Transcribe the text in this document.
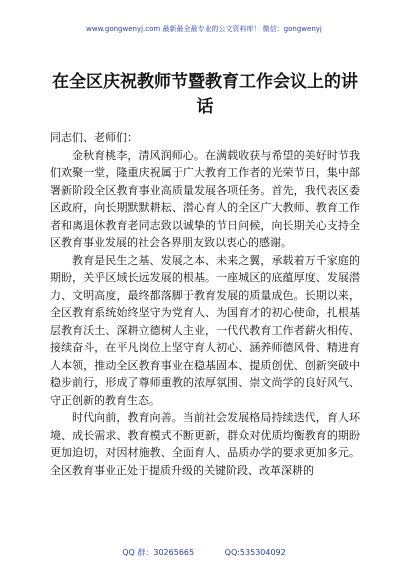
www.gongwenyj.com 最新最全最专业的公文资料库！ 微信：gongwenyj
在全区庆祝教师节暨教育工作会议上的讲话

同志们、老师们：

金秋育桃李，清风润师心。在满载收获与希望的美好时节我们欢聚一堂，隆重庆祝属于广大教育工作者的光荣节日，集中部署新阶段全区教育事业高质量发展各项任务。首先，我代表区委区政府，向长期默默耕耘、潜心育人的全区广大教师、教育工作者和离退休教育老同志致以诚挚的节日问候，向长期关心支持全区教育事业发展的社会各界朋友致以衷心的感谢。

教育是民生之基、发展之本、未来之翼，承载着万千家庭的期盼，关乎区域长远发展的根基。一座城区的底蕴厚度、发展潜力、文明高度，最终都落脚于教育发展的质量成色。长期以来，全区教育系统始终坚守为党育人、为国育才的初心使命，扎根基层教育沃土、深耕立德树人主业，一代代教育工作者薪火相传、接续奋斗，在平凡岗位上坚守育人初心、涵养师德风骨、精进育人本领，推动全区教育事业在稳基固本、提质创优、创新突破中稳步前行，形成了尊师重教的浓厚氛围、崇文尚学的良好风气、守正创新的教育生态。

时代向前，教育向善。当前社会发展格局持续迭代，育人环境、成长需求、教育模式不断更新，群众对优质均衡教育的期盼更加迫切，对因材施教、全面育人、品质办学的要求更加多元。全区教育事业正处于提质升级的关键阶段、改革深耕的

QQ 群：30265665	QQ:535304092
